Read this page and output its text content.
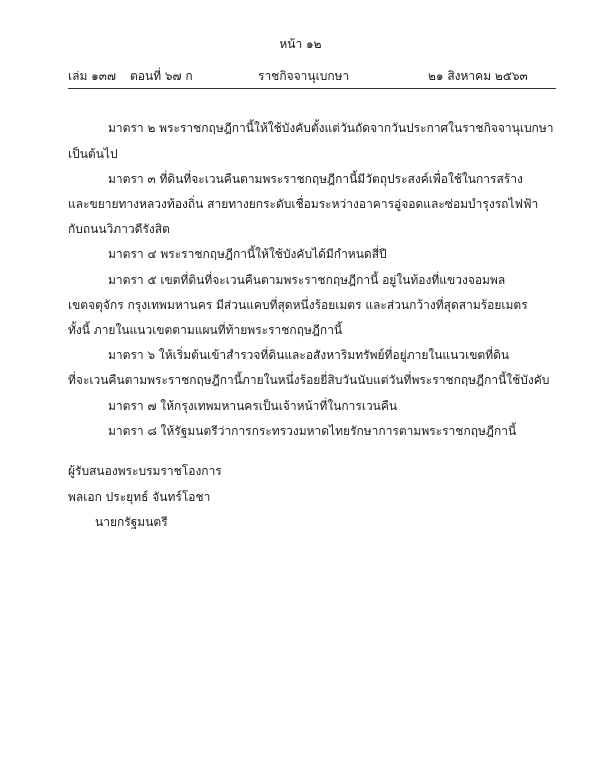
หน้า ๑๒
เล่ม ๑๓๗ ตอนที่ ๖๗ ก	ราชกิจจานุเบกษา	๒๑ สิงหาคม ๒๕๖๓
มาตรา ๒ พระราชกฤษฎีกานี้ให้ใช้บังคับตั้งแต่วันถัดจากวันประกาศในราชกิจจานุเบกษา
เป็นต้นไป
มาตรา ๓ ที่ดินที่จะเวนคืนตามพระราชกฤษฎีกานี้มีวัตถุประสงค์เพื่อใช้ในการสร้าง
และขยายทางหลวงท้องถิ่น สายทางยกระดับเชื่อมระหว่างอาคารอู่จอดและซ่อมบำรุงรถไฟฟ้า
กับถนนวิภาวดีรังสิต
มาตรา ๔ พระราชกฤษฎีกานี้ให้ใช้บังคับได้มีกำหนดสี่ปี
มาตรา ๕ เขตที่ดินที่จะเวนคืนตามพระราชกฤษฎีกานี้ อยู่ในท้องที่แขวงจอมพล
เขตจตุจักร กรุงเทพมหานคร มีส่วนแคบที่สุดหนึ่งร้อยเมตร และส่วนกว้างที่สุดสามร้อยเมตร
ทั้งนี้ ภายในแนวเขตตามแผนที่ท้ายพระราชกฤษฎีกานี้
มาตรา ๖ ให้เริ่มต้นเข้าสำรวจที่ดินและอสังหาริมทรัพย์ที่อยู่ภายในแนวเขตที่ดิน
ที่จะเวนคืนตามพระราชกฤษฎีกานี้ภายในหนึ่งร้อยยี่สิบวันนับแต่วันที่พระราชกฤษฎีกานี้ใช้บังคับ
มาตรา ๗ ให้กรุงเทพมหานครเป็นเจ้าหน้าที่ในการเวนคืน
มาตรา ๘ ให้รัฐมนตรีว่าการกระทรวงมหาดไทยรักษาการตามพระราชกฤษฎีกานี้
ผู้รับสนองพระบรมราชโองการ
พลเอก ประยุทธ์ จันทร์โอชา
นายกรัฐมนตรี
